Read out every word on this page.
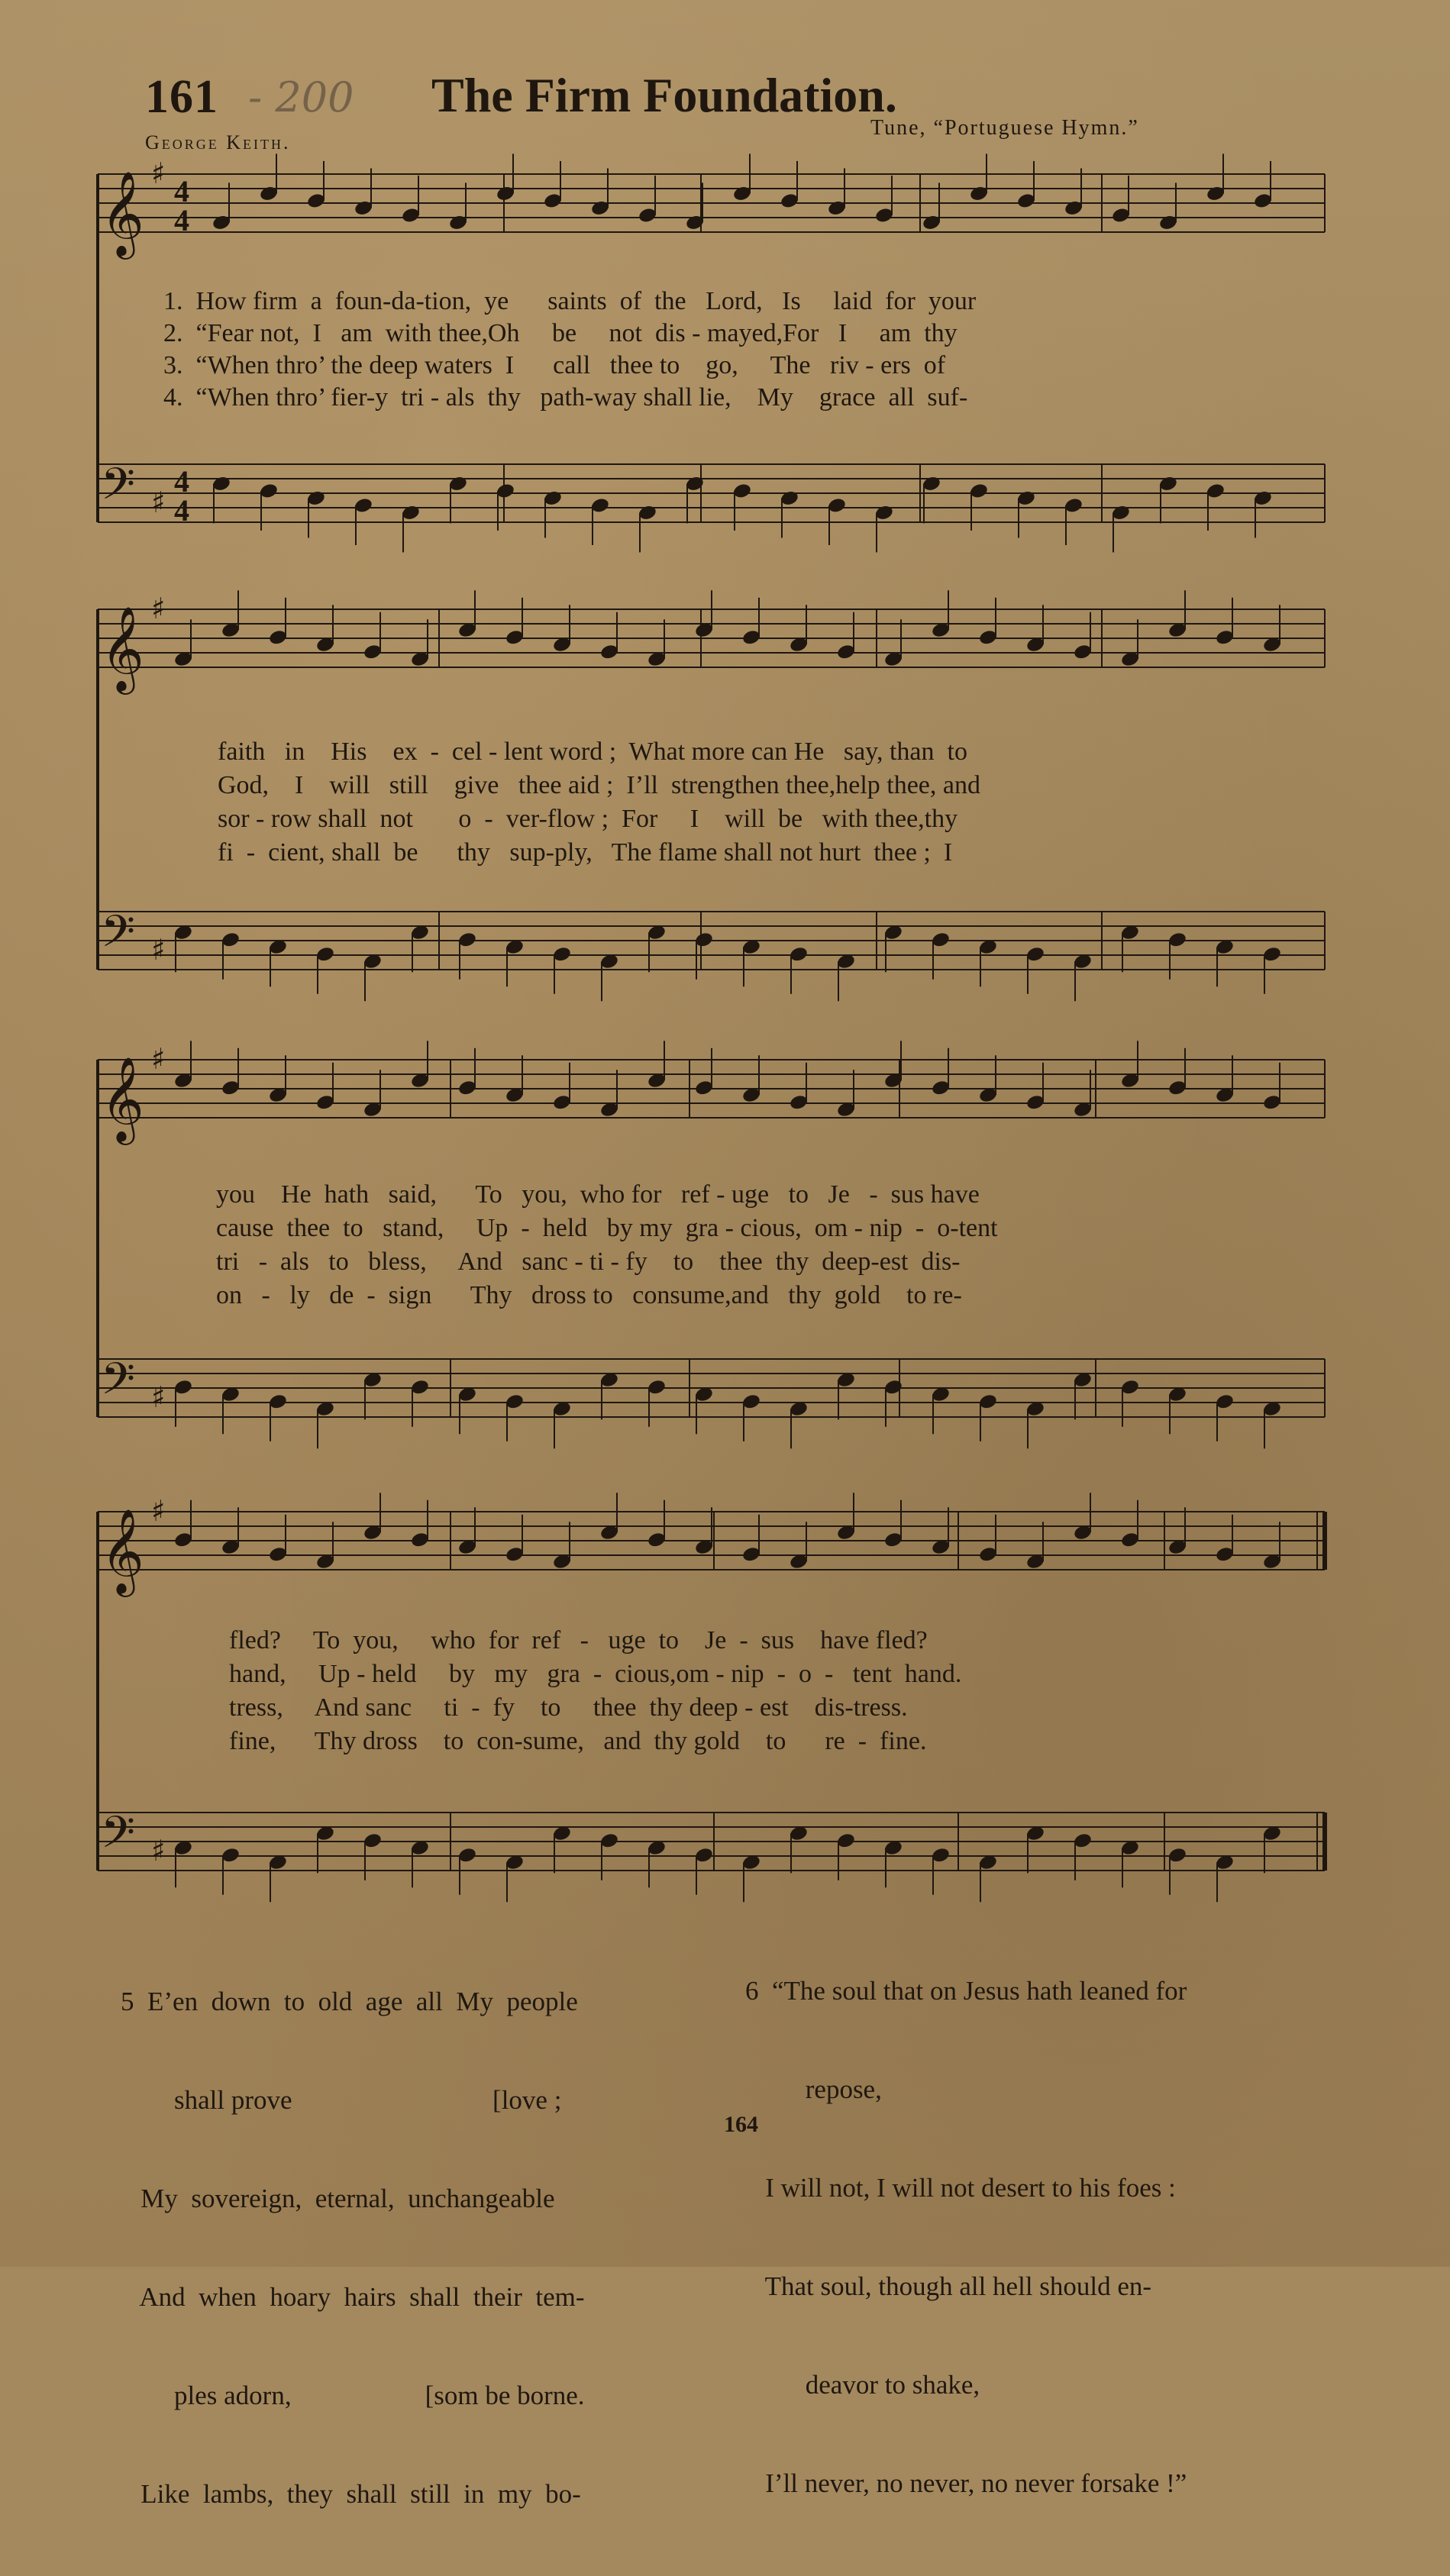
161 - 200 The Firm Foundation.
George Keith.
Tune, “Portuguese Hymn.”
𝄞 ♯
4
4
𝄢 ♯
4
4
𝄞 ♯
𝄢 ♯
𝄞 ♯
𝄢 ♯
𝄞 ♯
𝄢 ♯
1.  How firm  a  foun-da-tion,  ye      saints  of  the   Lord,   Is     laid  for  your
2.  “Fear not,  I   am  with thee,Oh     be     not  dis - mayed,For   I     am  thy
3.  “When thro’ the deep waters  I      call   thee to    go,     The   riv - ers  of
4.  “When thro’ fier-y  tri - als  thy   path-way shall lie,    My    grace  all  suf-
faith   in    His    ex  -  cel - lent word ;  What more can He   say, than  to
God,    I    will   still    give   thee aid ;  I’ll  strengthen thee,help thee, and
sor - row shall  not       o  -  ver-flow ;  For     I    will  be   with thee,thy
fi  -  cient, shall  be      thy   sup-ply,   The flame shall not hurt  thee ;  I
you    He  hath   said,      To   you,  who for   ref - uge   to   Je   -  sus have
cause  thee  to   stand,     Up  -  held   by my  gra - cious,  om - nip  -  o-tent
tri   -  als   to   bless,     And   sanc - ti - fy    to    thee  thy  deep-est  dis-
on   -   ly   de  -  sign      Thy   dross to   consume,and   thy  gold    to re-
fled?     To  you,     who  for  ref   -   uge  to    Je  -  sus    have fled?
hand,     Up - held     by   my   gra  -  cious,om - nip  -  o  -   tent  hand.
tress,     And sanc     ti  -  fy    to     thee  thy deep - est    dis-tress.
fine,      Thy dross    to  con-sume,   and  thy gold    to      re  -  fine.

5  E’en  down  to  old  age  all  My  people

shall prove                              [love ;

My  sovereign,  eternal,  unchangeable

And  when  hoary  hairs  shall  their  tem-

ples adorn,                    [som be borne.

Like  lambs,  they  shall  still  in  my  bo-

6  “The soul that on Jesus hath leaned for

repose,

I will not, I will not desert to his foes :

That soul, though all hell should en-

deavor to shake,

I’ll never, no never, no never forsake !”

164
